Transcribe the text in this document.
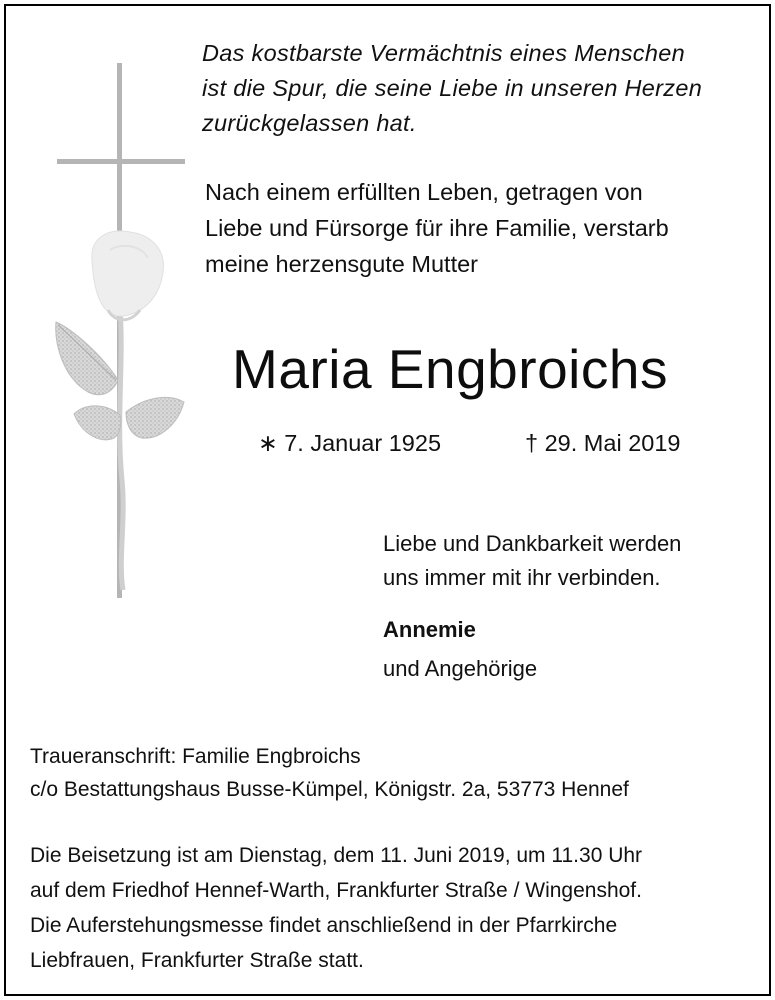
Das kostbarste Vermächtnis eines Menschen
ist die Spur, die seine Liebe in unseren Herzen
zurückgelassen hat.
Nach einem erfüllten Leben, getragen von
Liebe und Fürsorge für ihre Familie, verstarb
meine herzensgute Mutter
Maria Engbroichs
∗ 7. Januar 1925	† 29. Mai 2019
Liebe und Dankbarkeit werden
uns immer mit ihr verbinden.
Annemie
und Angehörige
Traueranschrift: Familie Engbroichs
c/o Bestattungshaus Busse-Kümpel, Königstr. 2a, 53773 Hennef
Die Beisetzung ist am Dienstag, dem 11. Juni 2019, um 11.30 Uhr
auf dem Friedhof Hennef-Warth, Frankfurter Straße / Wingenshof.
Die Auferstehungsmesse findet anschließend in der Pfarrkirche
Liebfrauen, Frankfurter Straße statt.
